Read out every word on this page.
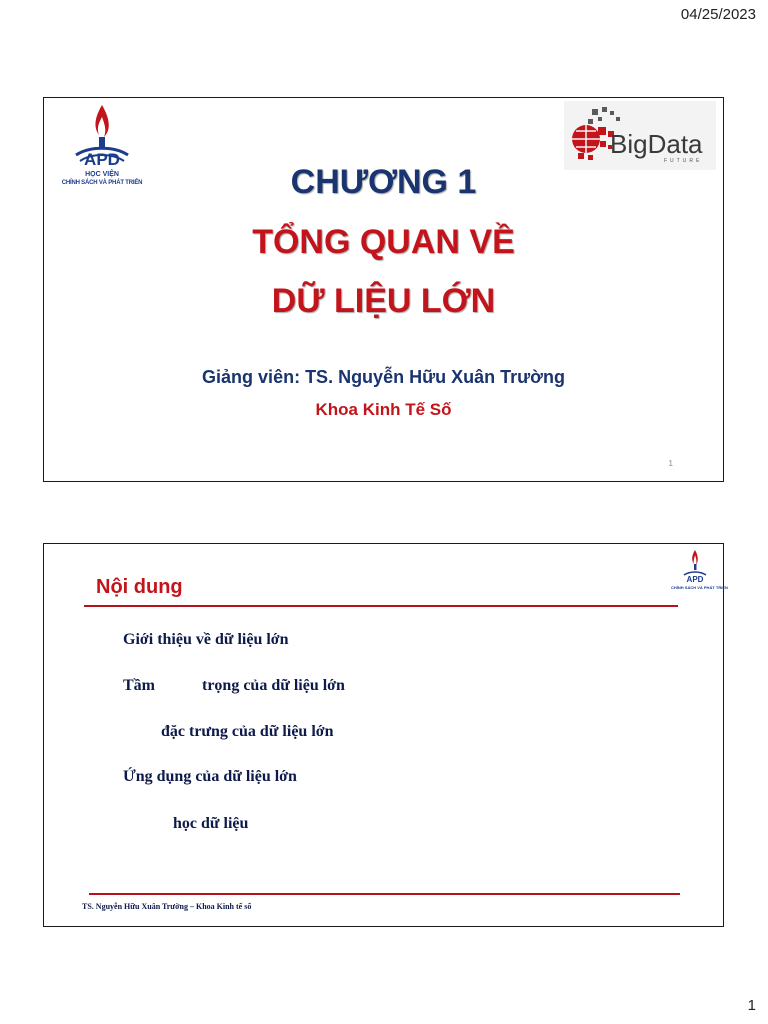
04/25/2023
APD
HỌC VIỆN
CHÍNH SÁCH VÀ PHÁT TRIỂN
BigData
FUTURE
CHƯƠNG 1
TỔNG QUAN VỀ
DỮ LIỆU LỚN
Giảng viên: TS. Nguyễn Hữu Xuân Trường
Khoa Kinh Tế Số
1
Nội dung	APD
CHÍNH SÁCH VÀ PHÁT TRIỂN
Giới thiệu về dữ liệu lớn
Tầm	trọng của dữ liệu lớn
đặc trưng của dữ liệu lớn
Ứng dụng của dữ liệu lớn
học dữ liệu
TS. Nguyễn Hữu Xuân Trường – Khoa Kinh tế số
1
